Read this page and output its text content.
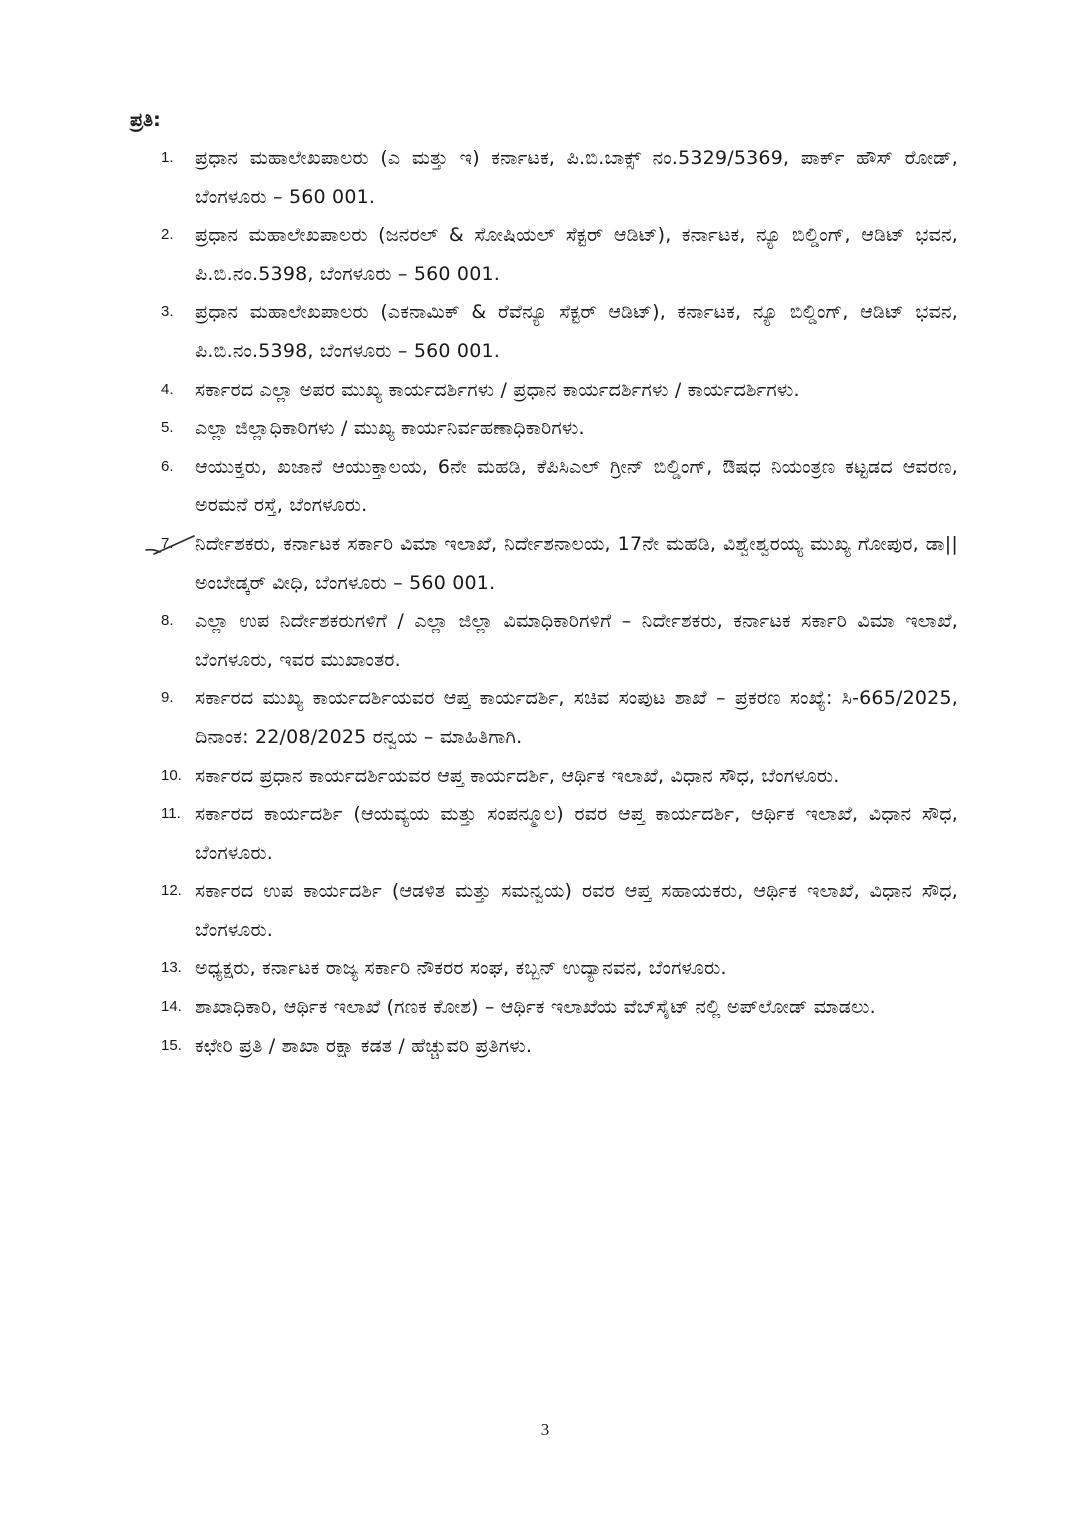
ಪ್ರತಿ:

1.	ಪ್ರಧಾನ ಮಹಾಲೇಖಪಾಲರು (ಎ ಮತ್ತು ಇ) ಕರ್ನಾಟಕ, ಪಿ.ಬಿ.ಬಾಕ್ಸ್ ನಂ.5329/5369, ಪಾರ್ಕ್ ಹೌಸ್ ರೋಡ್, ಬೆಂಗಳೂರು – 560 001.
2.	ಪ್ರಧಾನ ಮಹಾಲೇಖಪಾಲರು (ಜನರಲ್ & ಸೋಷಿಯಲ್ ಸೆಕ್ಟರ್ ಆಡಿಟ್), ಕರ್ನಾಟಕ, ನ್ಯೂ ಬಿಲ್ಡಿಂಗ್, ಆಡಿಟ್ ಭವನ, ಪಿ.ಬಿ.ನಂ.5398, ಬೆಂಗಳೂರು – 560 001.
3.	ಪ್ರಧಾನ ಮಹಾಲೇಖಪಾಲರು (ಎಕನಾಮಿಕ್ & ರೆವೆನ್ಯೂ ಸೆಕ್ಟರ್ ಆಡಿಟ್), ಕರ್ನಾಟಕ, ನ್ಯೂ ಬಿಲ್ಡಿಂಗ್, ಆಡಿಟ್ ಭವನ, ಪಿ.ಬಿ.ನಂ.5398, ಬೆಂಗಳೂರು – 560 001.
4.	ಸರ್ಕಾರದ ಎಲ್ಲಾ ಅಪರ ಮುಖ್ಯ ಕಾರ್ಯದರ್ಶಿಗಳು / ಪ್ರಧಾನ ಕಾರ್ಯದರ್ಶಿಗಳು / ಕಾರ್ಯದರ್ಶಿಗಳು.
5.	ಎಲ್ಲಾ ಜಿಲ್ಲಾಧಿಕಾರಿಗಳು / ಮುಖ್ಯ ಕಾರ್ಯನಿರ್ವಹಣಾಧಿಕಾರಿಗಳು.
6.	ಆಯುಕ್ತರು, ಖಜಾನೆ ಆಯುಕ್ತಾಲಯ, 6ನೇ ಮಹಡಿ, ಕೆಪಿಸಿಎಲ್ ಗ್ರೀನ್ ಬಿಲ್ಡಿಂಗ್, ಔಷಧ ನಿಯಂತ್ರಣ ಕಟ್ಟಡದ ಆವರಣ, ಅರಮನೆ ರಸ್ತೆ, ಬೆಂಗಳೂರು.
7.	ನಿರ್ದೇಶಕರು, ಕರ್ನಾಟಕ ಸರ್ಕಾರಿ ವಿಮಾ ಇಲಾಖೆ, ನಿರ್ದೇಶನಾಲಯ, 17ನೇ ಮಹಡಿ, ವಿಶ್ವೇಶ್ವರಯ್ಯ ಮುಖ್ಯ ಗೋಪುರ, ಡಾ|| ಅಂಬೇಡ್ಕರ್ ವೀಧಿ, ಬೆಂಗಳೂರು – 560 001.
8.	ಎಲ್ಲಾ ಉಪ ನಿರ್ದೇಶಕರುಗಳಿಗೆ / ಎಲ್ಲಾ ಜಿಲ್ಲಾ ವಿಮಾಧಿಕಾರಿಗಳಿಗೆ – ನಿರ್ದೇಶಕರು, ಕರ್ನಾಟಕ ಸರ್ಕಾರಿ ವಿಮಾ ಇಲಾಖೆ, ಬೆಂಗಳೂರು, ಇವರ ಮುಖಾಂತರ.
9.	ಸರ್ಕಾರದ ಮುಖ್ಯ ಕಾರ್ಯದರ್ಶಿಯವರ ಆಪ್ತ ಕಾರ್ಯದರ್ಶಿ, ಸಚಿವ ಸಂಪುಟ ಶಾಖೆ – ಪ್ರಕರಣ ಸಂಖ್ಯೆ: ಸಿ-665/2025, ದಿನಾಂಕ: 22/08/2025 ರನ್ವಯ – ಮಾಹಿತಿಗಾಗಿ.
10. ಸರ್ಕಾರದ ಪ್ರಧಾನ ಕಾರ್ಯದರ್ಶಿಯವರ ಆಪ್ತ ಕಾರ್ಯದರ್ಶಿ, ಆರ್ಥಿಕ ಇಲಾಖೆ, ವಿಧಾನ ಸೌಧ, ಬೆಂಗಳೂರು.
11. ಸರ್ಕಾರದ ಕಾರ್ಯದರ್ಶಿ (ಆಯವ್ಯಯ ಮತ್ತು ಸಂಪನ್ಮೂಲ) ರವರ ಆಪ್ತ ಕಾರ್ಯದರ್ಶಿ, ಆರ್ಥಿಕ ಇಲಾಖೆ, ವಿಧಾನ ಸೌಧ, ಬೆಂಗಳೂರು.
12. ಸರ್ಕಾರದ ಉಪ ಕಾರ್ಯದರ್ಶಿ (ಆಡಳಿತ ಮತ್ತು ಸಮನ್ವಯ) ರವರ ಆಪ್ತ ಸಹಾಯಕರು, ಆರ್ಥಿಕ ಇಲಾಖೆ, ವಿಧಾನ ಸೌಧ, ಬೆಂಗಳೂರು.
13. ಅಧ್ಯಕ್ಷರು, ಕರ್ನಾಟಕ ರಾಜ್ಯ ಸರ್ಕಾರಿ ನೌಕರರ ಸಂಘ, ಕಬ್ಬನ್ ಉದ್ಯಾನವನ, ಬೆಂಗಳೂರು.
14. ಶಾಖಾಧಿಕಾರಿ, ಆರ್ಥಿಕ ಇಲಾಖೆ (ಗಣಕ ಕೋಶ) – ಆರ್ಥಿಕ ಇಲಾಖೆಯ ವೆಬ್‌ಸೈಟ್ ನಲ್ಲಿ ಅಪ್‌ಲೋಡ್ ಮಾಡಲು.
15. ಕಛೇರಿ ಪ್ರತಿ / ಶಾಖಾ ರಕ್ಷಾ ಕಡತ / ಹೆಚ್ಚುವರಿ ಪ್ರತಿಗಳು.
3
